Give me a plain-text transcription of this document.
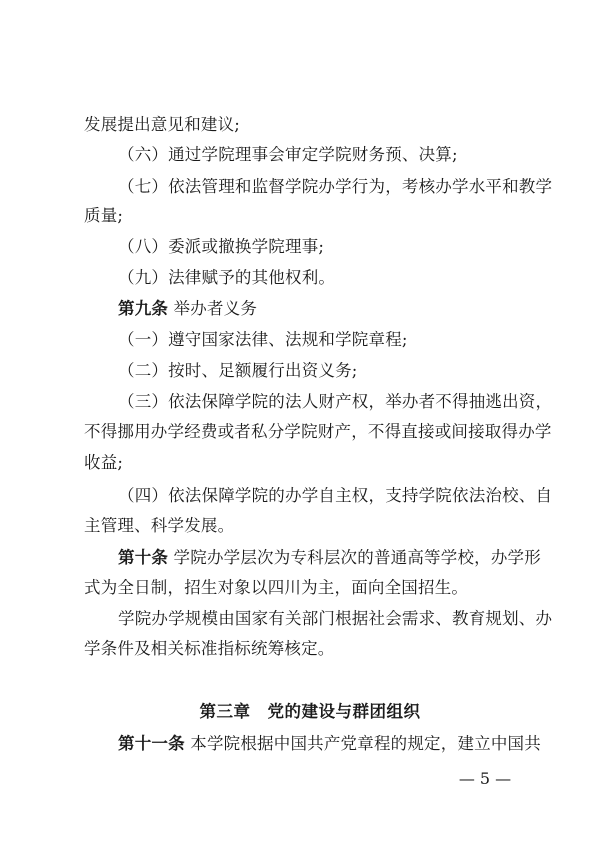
发展提出意见和建议;
（六）通过学院理事会审定学院财务预、决算;
（七）依法管理和监督学院办学行为，考核办学水平和教学
质量;
（八）委派或撤换学院理事;
（九）法律赋予的其他权利。
第九条 举办者义务
（一）遵守国家法律、法规和学院章程;
（二）按时、足额履行出资义务;
（三）依法保障学院的法人财产权，举办者不得抽逃出资，
不得挪用办学经费或者私分学院财产，不得直接或间接取得办学
收益;
（四）依法保障学院的办学自主权，支持学院依法治校、自
主管理、科学发展。
第十条 学院办学层次为专科层次的普通高等学校，办学形
式为全日制，招生对象以四川为主，面向全国招生。
学院办学规模由国家有关部门根据社会需求、教育规划、办
学条件及相关标准指标统筹核定。
第三章　党的建设与群团组织
第十一条 本学院根据中国共产党章程的规定，建立中国共
— 5 —
